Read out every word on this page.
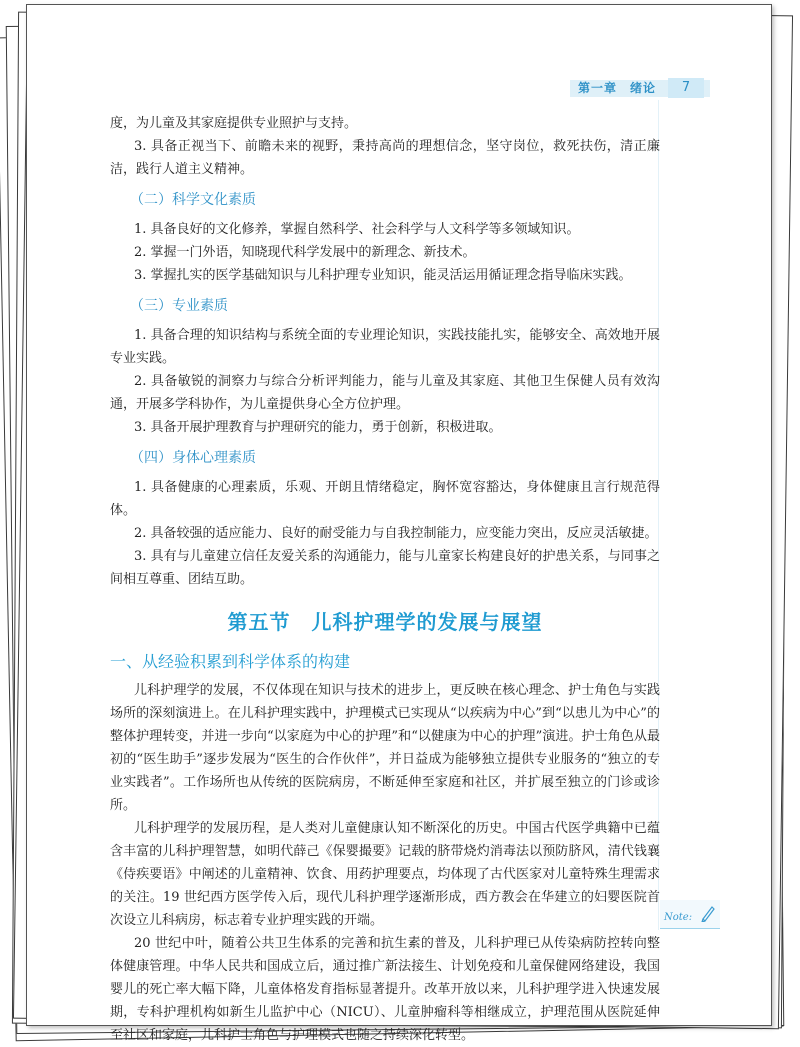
第一章　绪论	7

度，为儿童及其家庭提供专业照护与支持。

3. 具备正视当下、前瞻未来的视野，秉持高尚的理想信念，坚守岗位，救死扶伤，清正廉洁，践行人道主义精神。

（二）科学文化素质

1. 具备良好的文化修养，掌握自然科学、社会科学与人文科学等多领域知识。

2. 掌握一门外语，知晓现代科学发展中的新理念、新技术。

3. 掌握扎实的医学基础知识与儿科护理专业知识，能灵活运用循证理念指导临床实践。

（三）专业素质

1. 具备合理的知识结构与系统全面的专业理论知识，实践技能扎实，能够安全、高效地开展专业实践。

2. 具备敏锐的洞察力与综合分析评判能力，能与儿童及其家庭、其他卫生保健人员有效沟通，开展多学科协作，为儿童提供身心全方位护理。

3. 具备开展护理教育与护理研究的能力，勇于创新，积极进取。

（四）身体心理素质

1. 具备健康的心理素质，乐观、开朗且情绪稳定，胸怀宽容豁达，身体健康且言行规范得体。

2. 具备较强的适应能力、良好的耐受能力与自我控制能力，应变能力突出，反应灵活敏捷。

3. 具有与儿童建立信任友爱关系的沟通能力，能与儿童家长构建良好的护患关系，与同事之间相互尊重、团结互助。

第五节　儿科护理学的发展与展望
一、从经验积累到科学体系的构建

儿科护理学的发展，不仅体现在知识与技术的进步上，更反映在核心理念、护士角色与实践场所的深刻演进上。在儿科护理实践中，护理模式已实现从“以疾病为中心”到“以患儿为中心”的整体护理转变，并进一步向“以家庭为中心的护理”和“以健康为中心的护理”演进。护士角色从最初的“医生助手”逐步发展为“医生的合作伙伴”，并日益成为能够独立提供专业服务的“独立的专业实践者”。工作场所也从传统的医院病房，不断延伸至家庭和社区，并扩展至独立的门诊或诊所。

儿科护理学的发展历程，是人类对儿童健康认知不断深化的历史。中国古代医学典籍中已蕴含丰富的儿科护理智慧，如明代薛己《保婴撮要》记载的脐带烧灼消毒法以预防脐风，清代钱襄《侍疾要语》中阐述的儿童精神、饮食、用药护理要点，均体现了古代医家对儿童特殊生理需求的关注。19 世纪西方医学传入后，现代儿科护理学逐渐形成，西方教会在华建立的妇婴医院首次设立儿科病房，标志着专业护理实践的开端。

20 世纪中叶，随着公共卫生体系的完善和抗生素的普及，儿科护理已从传染病防控转向整体健康管理。中华人民共和国成立后，通过推广新法接生、计划免疫和儿童保健网络建设，我国婴儿的死亡率大幅下降，儿童体格发育指标显著提升。改革开放以来，儿科护理学进入快速发展期，专科护理机构如新生儿监护中心（NICU）、儿童肿瘤科等相继成立，护理范围从医院延伸至社区和家庭，儿科护士角色与护理模式也随之持续深化转型。

Note:
